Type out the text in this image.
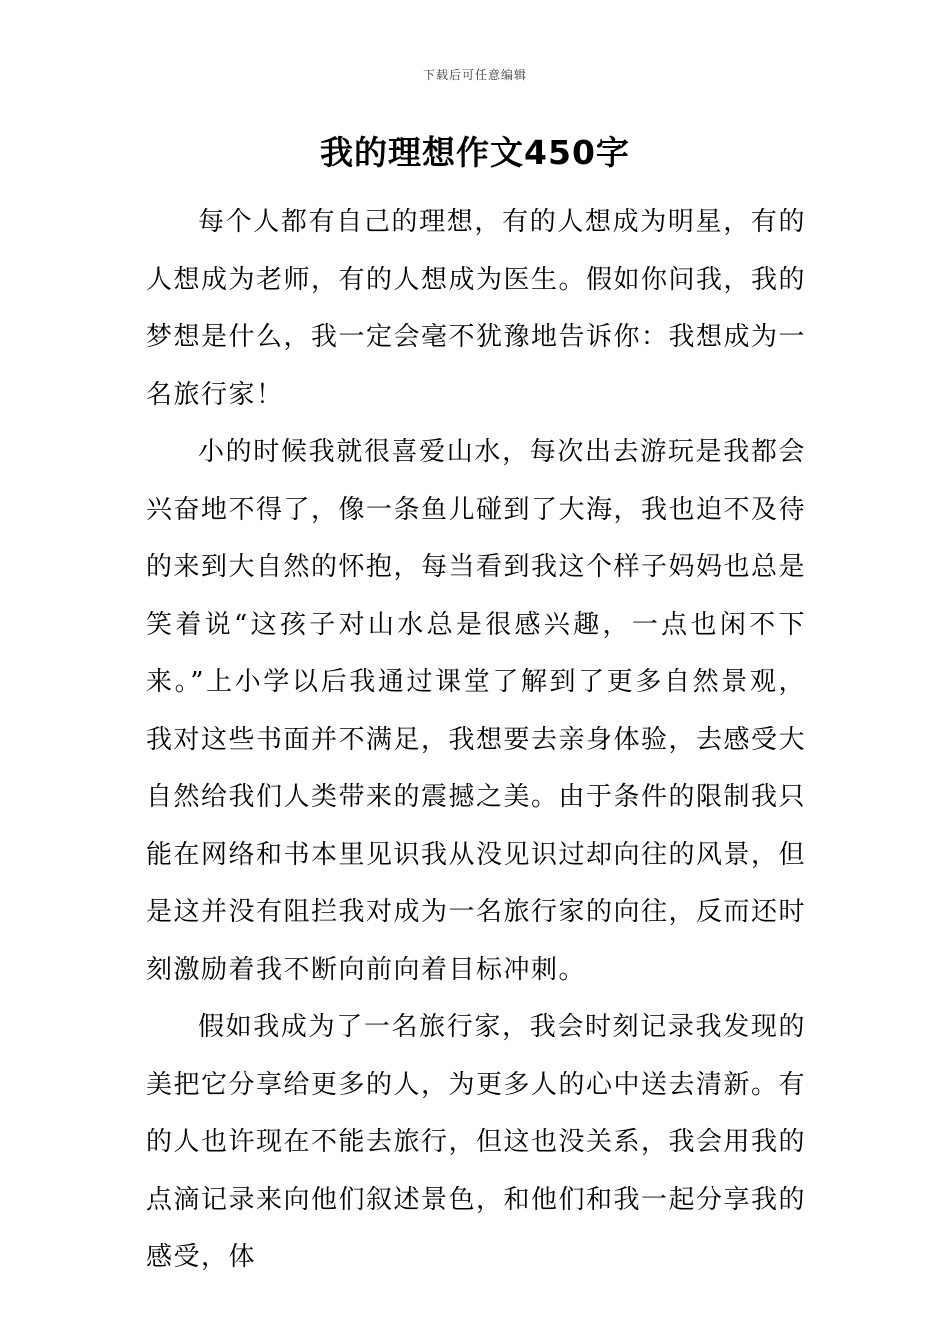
下载后可任意编辑
我的理想作文450字

每个人都有自己的理想，有的人想成为明星，有的人想成为老师，有的人想成为医生。假如你问我，我的梦想是什么，我一定会毫不犹豫地告诉你：我想成为一名旅行家！

小的时候我就很喜爱山水，每次出去游玩是我都会兴奋地不得了，像一条鱼儿碰到了大海，我也迫不及待的来到大自然的怀抱，每当看到我这个样子妈妈也总是笑着说“这孩子对山水总是很感兴趣，一点也闲不下来。”上小学以后我通过课堂了解到了更多自然景观，我对这些书面并不满足，我想要去亲身体验，去感受大自然给我们人类带来的震撼之美。由于条件的限制我只能在网络和书本里见识我从没见识过却向往的风景，但是这并没有阻拦我对成为一名旅行家的向往，反而还时刻激励着我不断向前向着目标冲刺。

假如我成为了一名旅行家，我会时刻记录我发现的美把它分享给更多的人，为更多人的心中送去清新。有的人也许现在不能去旅行，但这也没关系，我会用我的点滴记录来向他们叙述景色，和他们和我一起分享我的感受，体
